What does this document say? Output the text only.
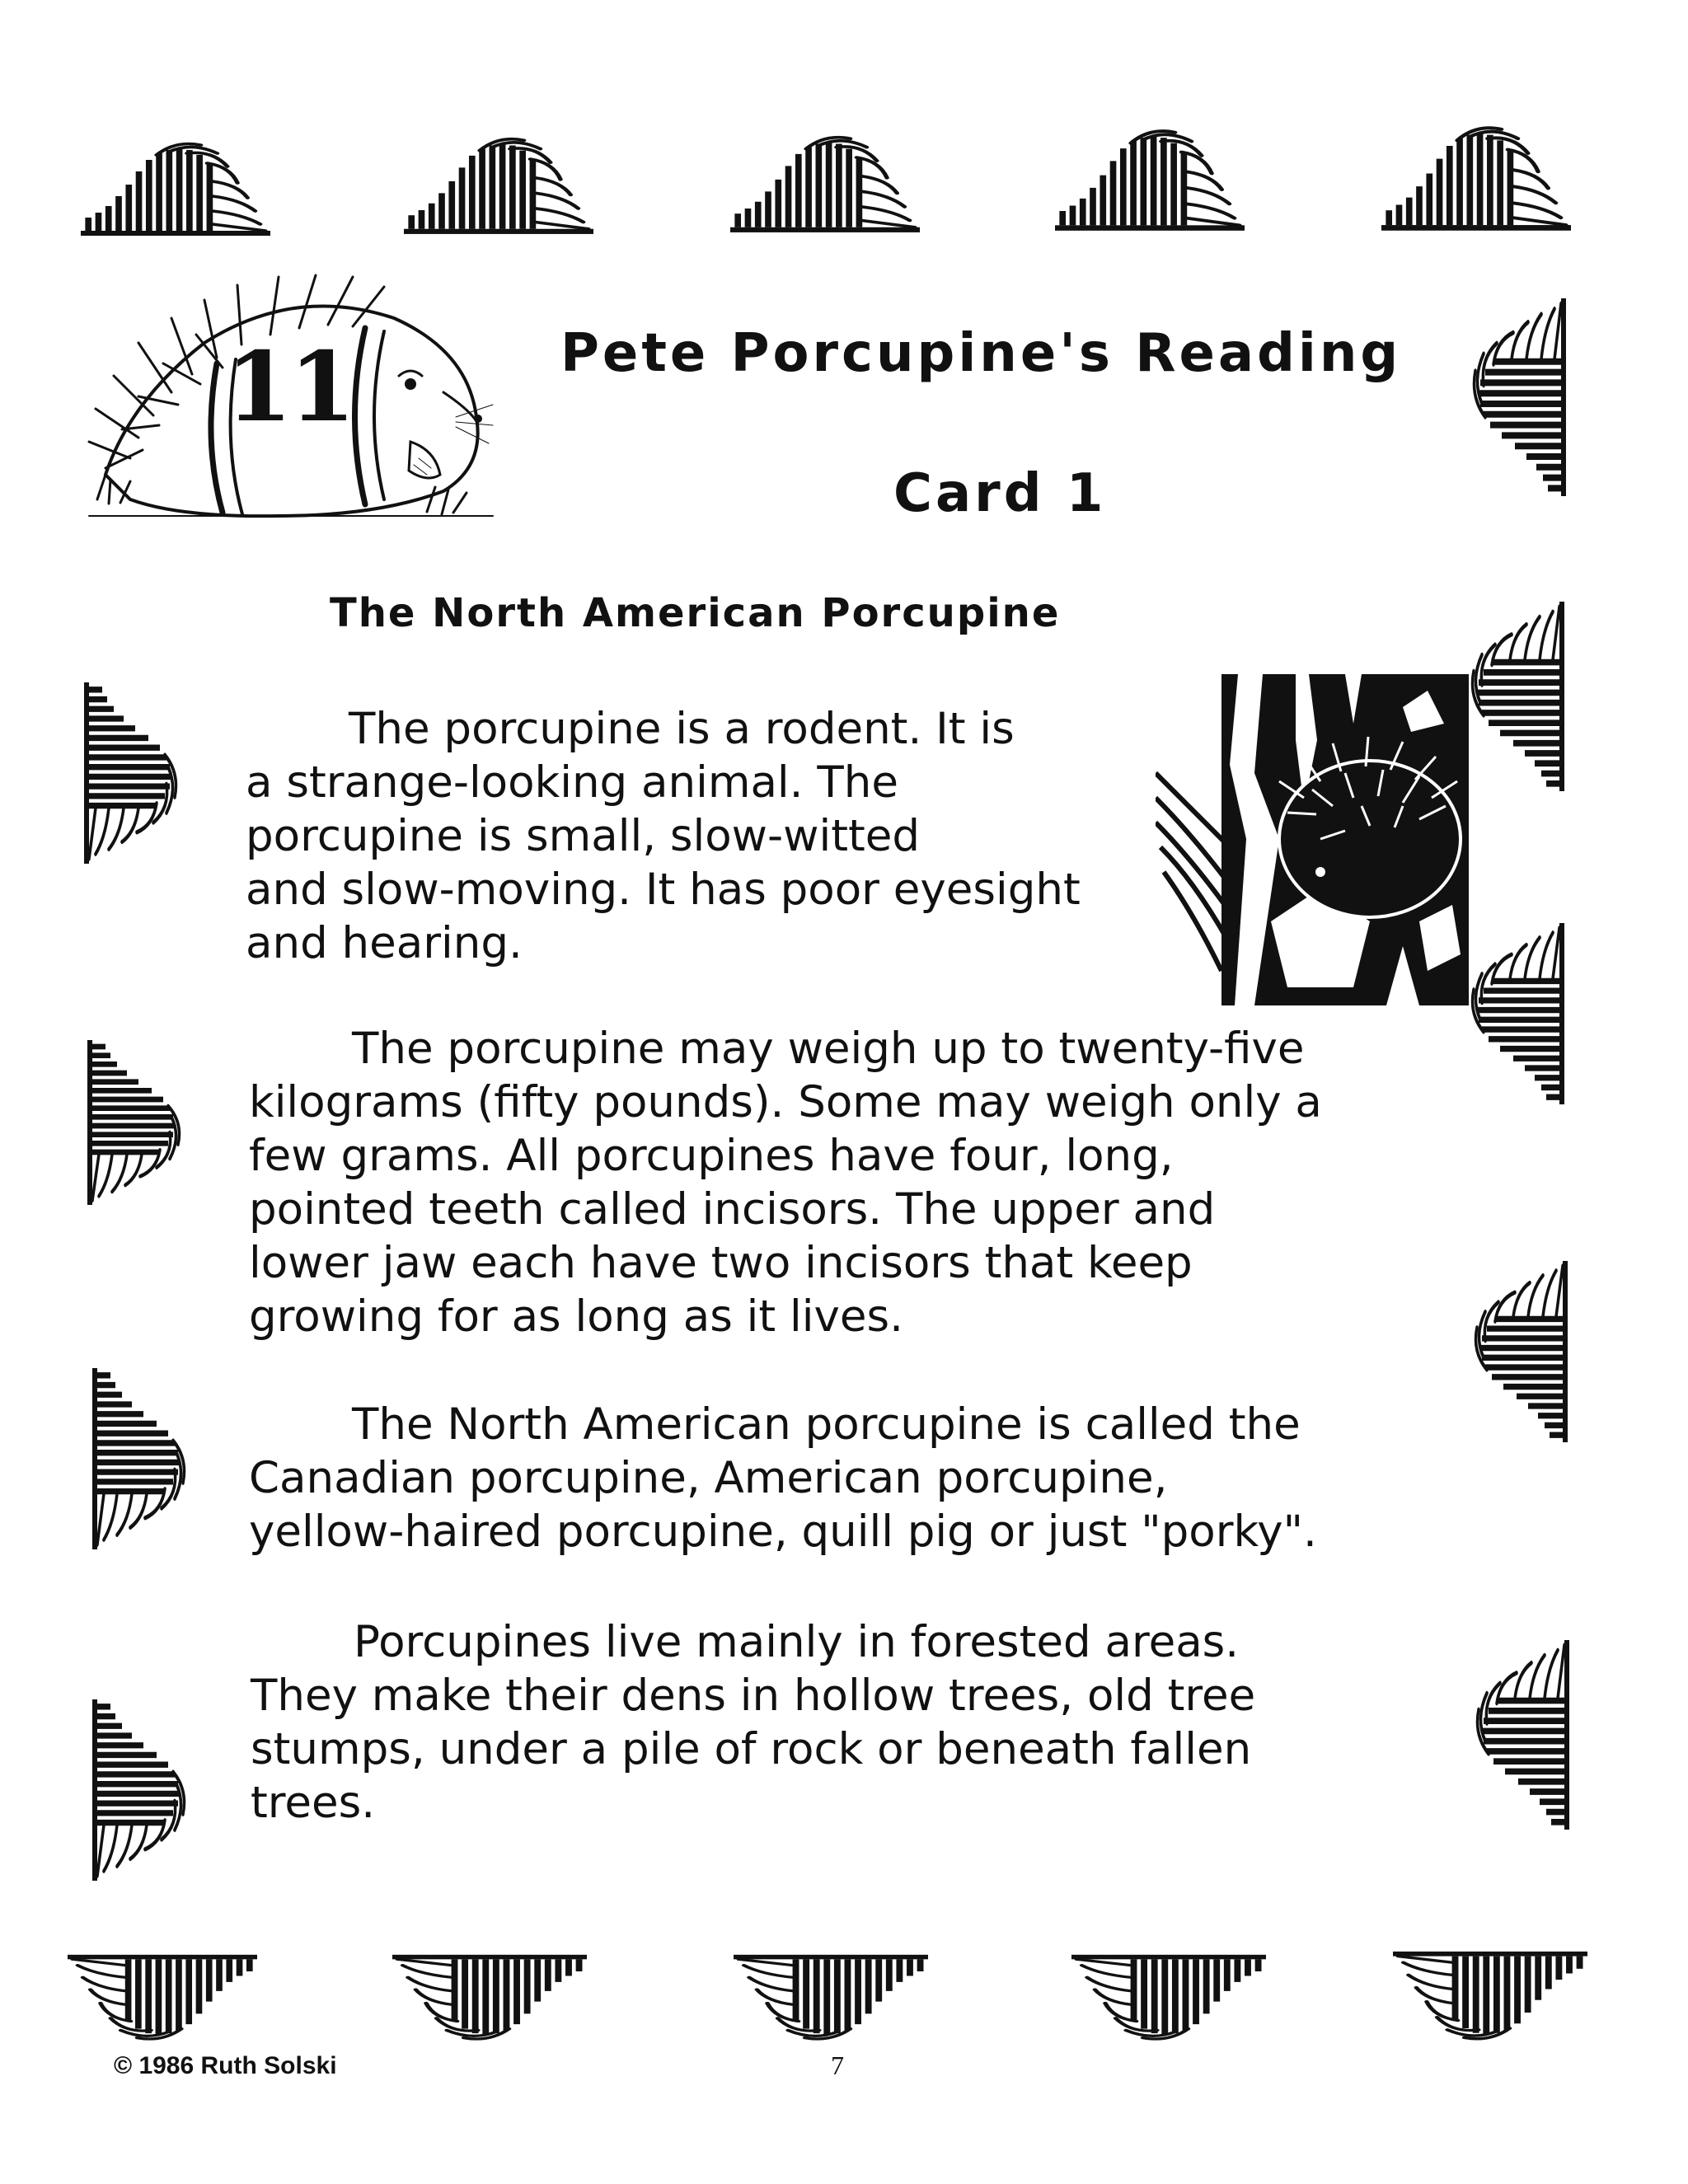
11	Pete Porcupine's Reading
Card 1
The North American Porcupine
The porcupine is a rodent. It is
a strange-looking animal. The
porcupine is small, slow-witted
and slow-moving. It has poor eyesight
and hearing.
The porcupine may weigh up to twenty-five
kilograms (fifty pounds). Some may weigh only a
few grams. All porcupines have four, long,
pointed teeth called incisors. The upper and
lower jaw each have two incisors that keep
growing for as long as it lives.
The North American porcupine is called the
Canadian porcupine, American porcupine,
yellow-haired porcupine, quill pig or just "porky".
Porcupines live mainly in forested areas.
They make their dens in hollow trees, old tree
stumps, under a pile of rock or beneath fallen
trees.
© 1986 Ruth Solski	7
